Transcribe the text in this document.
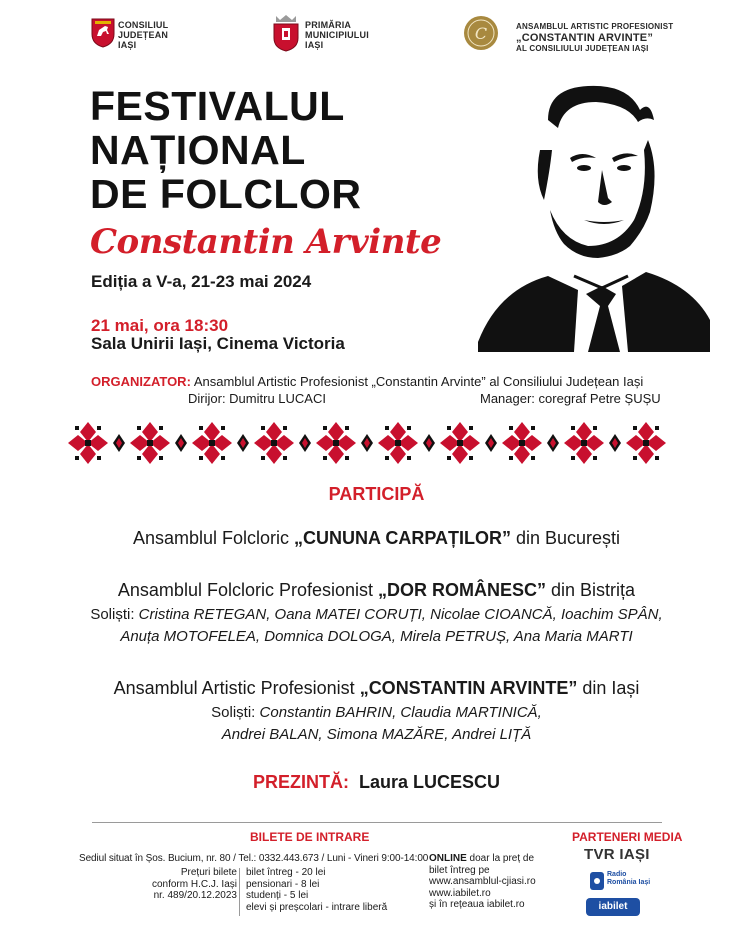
CONSILIUL
JUDEȚEAN
IAȘI
PRIMĂRIA
MUNICIPIULUI
IAȘI
C	ANSAMBLUL ARTISTIC PROFESIONIST
„CONSTANTIN ARVINTE”
AL CONSILIULUI JUDEȚEAN IAȘI
FESTIVALUL
NAȚIONAL
DE FOLCLOR
Constantin Arvinte
Ediția a V-a, 21-23 mai 2024
21 mai, ora 18:30
Sala Unirii Iași, Cinema Victoria
ORGANIZATOR: Ansamblul Artistic Profesionist „Constantin Arvinte” al Consiliului Județean Iași
Dirijor: Dumitru LUCACI	Manager: coregraf Petre ȘUȘU
PARTICIPĂ
Ansamblul Folcloric „CUNUNA CARPAȚILOR” din București
Ansamblul Folcloric Profesionist „DOR ROMÂNESC” din Bistrița
Soliști: Cristina RETEGAN, Oana MATEI CORUȚI, Nicolae CIOANCĂ, Ioachim SPÂN,
Anuța MOTOFELEA, Domnica DOLOGA, Mirela PETRUȘ, Ana Maria MARTI
Ansamblul Artistic Profesionist „CONSTANTIN ARVINTE” din Iași
Soliști: Constantin BAHRIN, Claudia MARTINICĂ,
Andrei BALAN, Simona MAZĂRE, Andrei LIȚĂ
PREZINTĂ: Laura LUCESCU
BILETE DE INTRARE	PARTENERI MEDIA
Sediul situat în Șos. Bucium, nr. 80 / Tel.: 0332.443.673 / Luni - Vineri 9:00-14:00
Prețuri bilete
conform H.C.J. Iași
nr. 489/20.12.2023
bilet întreg - 20 lei
pensionari - 8 lei
studenți - 5 lei
elevi și preșcolari - intrare liberă
ONLINE doar la preț de
bilet întreg pe
www.ansamblul-cjiasi.ro
www.iabilet.ro
și în rețeaua iabilet.ro
TVR IAȘI
Radio România Iași
iabilet
